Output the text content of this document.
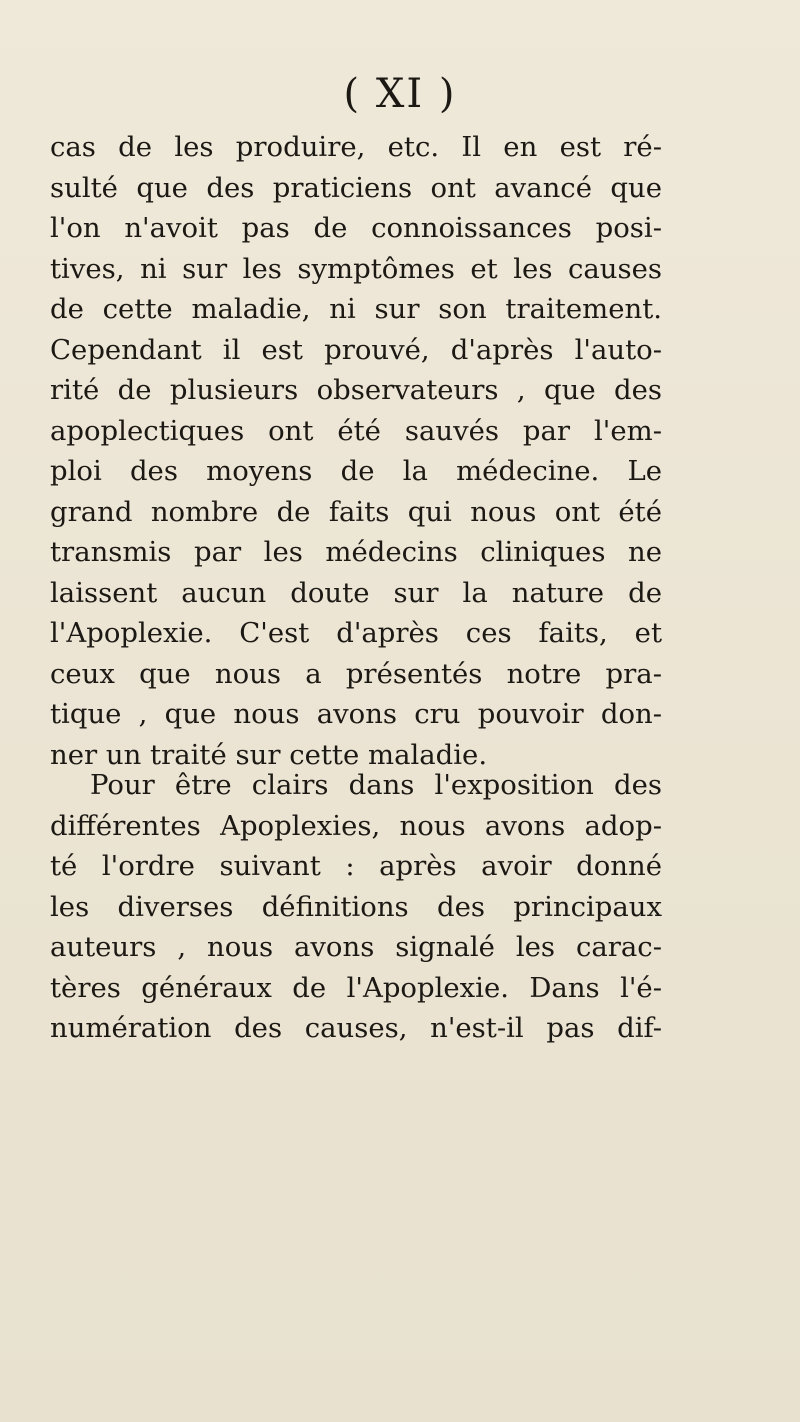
( XI )
cas de les produire, etc. Il en est ré-
sulté que des praticiens ont avancé que
l'on n'avoit pas de connoissances posi-
tives, ni sur les symptômes et les causes
de cette maladie, ni sur son traitement.
Cependant il est prouvé, d'après l'auto-
rité de plusieurs observateurs , que des
apoplectiques ont été sauvés par l'em-
ploi des moyens de la médecine. Le
grand nombre de faits qui nous ont été
transmis par les médecins cliniques ne
laissent aucun doute sur la nature de
l'Apoplexie. C'est d'après ces faits, et
ceux que nous a présentés notre pra-
tique , que nous avons cru pouvoir don-
ner un traité sur cette maladie.
Pour être clairs dans l'exposition des
différentes Apoplexies, nous avons adop-
té l'ordre suivant : après avoir donné
les diverses définitions des principaux
auteurs , nous avons signalé les carac-
tères généraux de l'Apoplexie. Dans l'é-
numération des causes, n'est-il pas dif-
